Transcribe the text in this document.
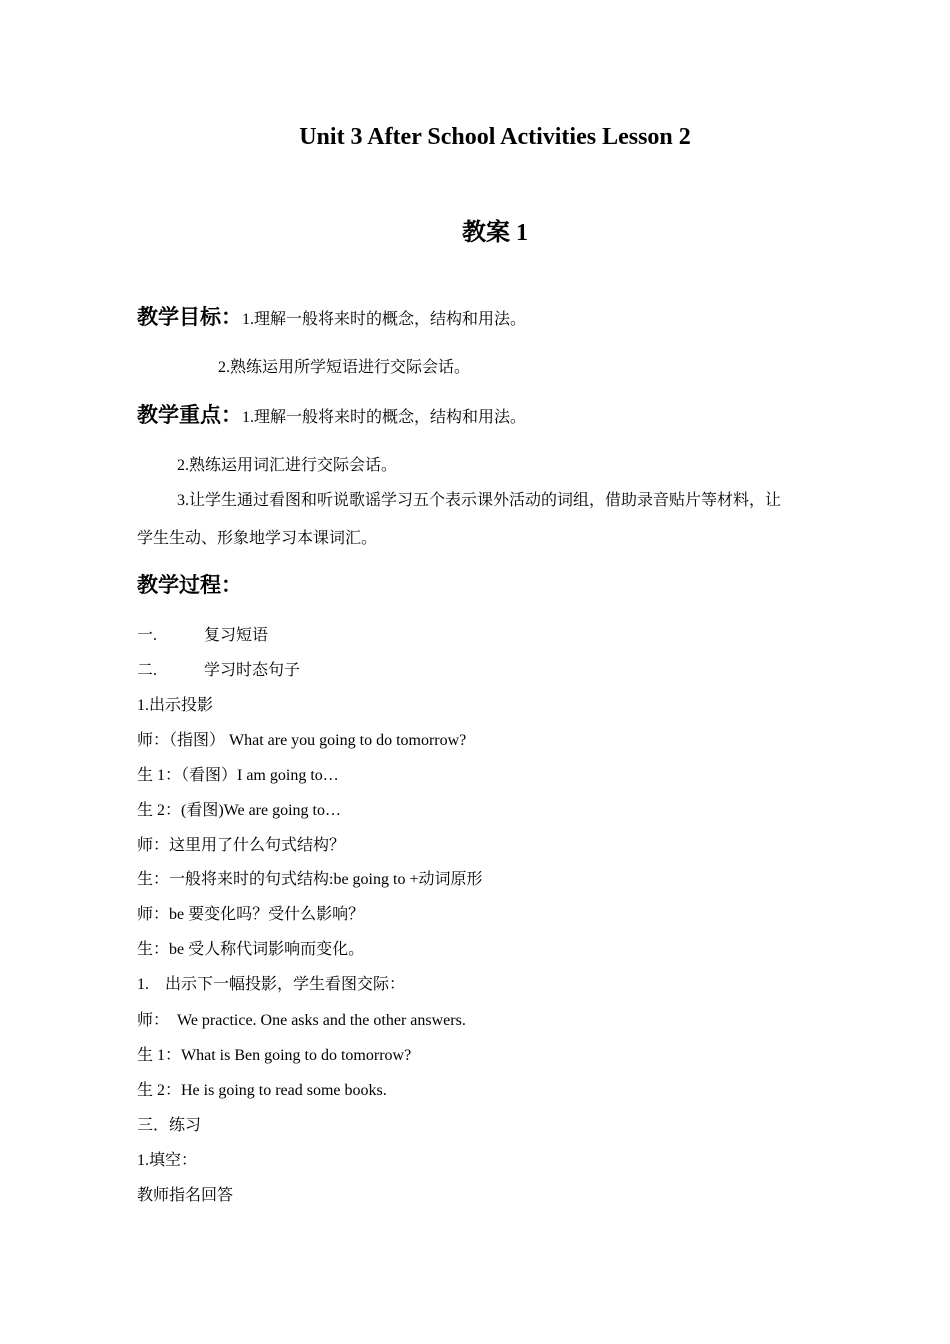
Unit 3 After School Activities Lesson 2
教案 1
教学目标：1.理解一般将来时的概念，结构和用法。
2.熟练运用所学短语进行交际会话。
教学重点：1.理解一般将来时的概念，结构和用法。
2.熟练运用词汇进行交际会话。
3.让学生通过看图和听说歌谣学习五个表示课外活动的词组，借助录音贴片等材料，让
学生生动、形象地学习本课词汇。
教学过程：
一.	复习短语
二.	学习时态句子
1.出示投影
师：（指图） What are you going to do tomorrow?
生 1：（看图）I am going to…
生 2：(看图)We are going to…
师：这里用了什么句式结构？
生：一般将来时的句式结构:be going to +动词原形
师：be 要变化吗？受什么影响？
生：be 受人称代词影响而变化。
1.    出示下一幅投影，学生看图交际：
师：  We practice. One asks and the other answers.
生 1：What is Ben going to do tomorrow?
生 2：He is going to read some books.
三．练习
1.填空：
教师指名回答
